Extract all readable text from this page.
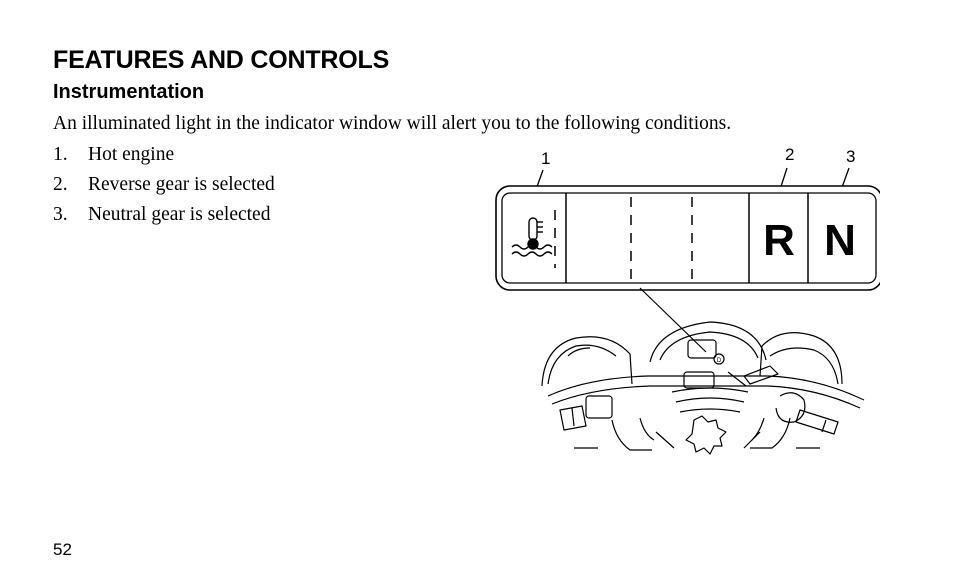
FEATURES AND CONTROLS
Instrumentation

An illuminated light in the indicator window will alert you to the following conditions.

1.	Hot engine
2.	Reverse gear is selected
3.	Neutral gear is selected
1	2	3
R N
D
52
